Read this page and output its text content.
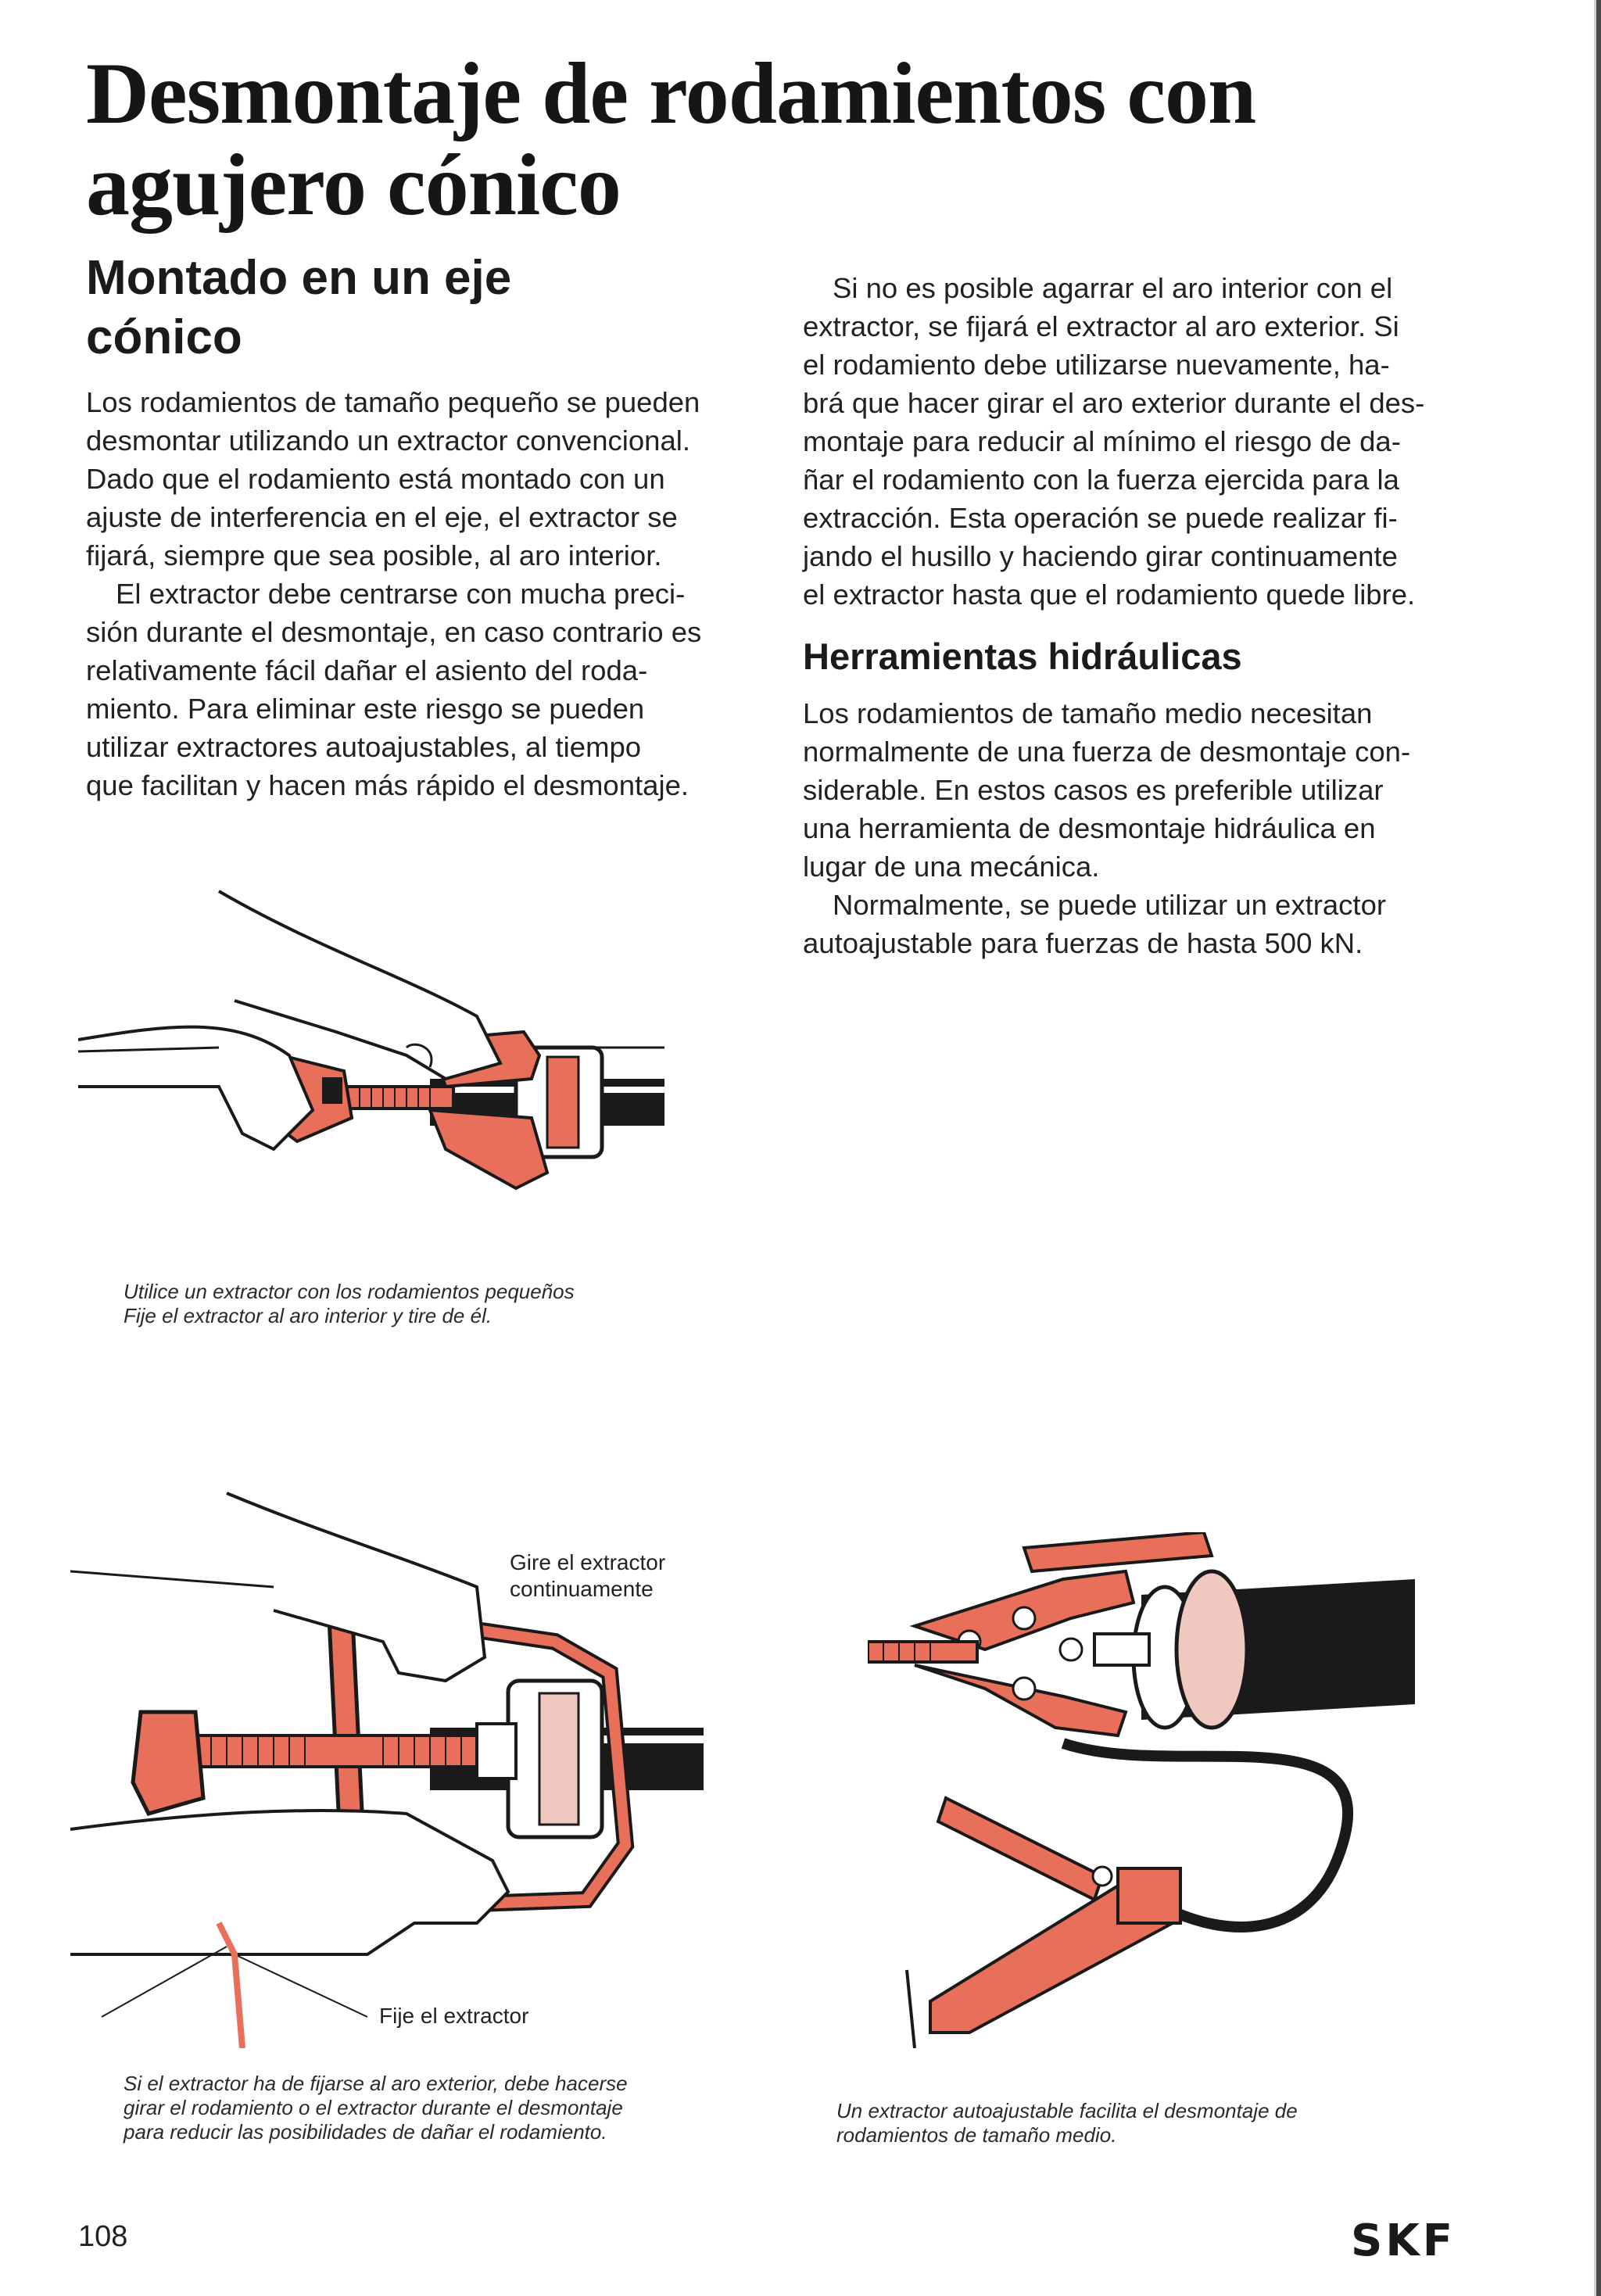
Desmontaje de rodamientos con
agujero cónico
Montado en un eje
cónico

Los rodamientos de tamaño pequeño se pueden
desmontar utilizando un extractor convencional.
Dado que el rodamiento está montado con un
ajuste de interferencia en el eje, el extractor se
fijará, siempre que sea posible, al aro interior.

El extractor debe centrarse con mucha preci-
sión durante el desmontaje, en caso contrario es
relativamente fácil dañar el asiento del roda-
miento. Para eliminar este riesgo se pueden
utilizar extractores autoajustables, al tiempo
que facilitan y hacen más rápido el desmontaje.

Si no es posible agarrar el aro interior con el
extractor, se fijará el extractor al aro exterior. Si
el rodamiento debe utilizarse nuevamente, ha-
brá que hacer girar el aro exterior durante el des-
montaje para reducir al mínimo el riesgo de da-
ñar el rodamiento con la fuerza ejercida para la
extracción. Esta operación se puede realizar fi-
jando el husillo y haciendo girar continuamente
el extractor hasta que el rodamiento quede libre.

Herramientas hidráulicas

Los rodamientos de tamaño medio necesitan
normalmente de una fuerza de desmontaje con-
siderable. En estos casos es preferible utilizar
una herramienta de desmontaje hidráulica en
lugar de una mecánica.

Normalmente, se puede utilizar un extractor
autoajustable para fuerzas de hasta 500 kN.

Utilice un extractor con los rodamientos pequeños
Fije el extractor al aro interior y tire de él.
Gire el extractor
continuamente
Fije el extractor
Si el extractor ha de fijarse al aro exterior, debe hacerse
girar el rodamiento o el extractor durante el desmontaje
para reducir las posibilidades de dañar el rodamiento.
Un extractor autoajustable facilita el desmontaje de
rodamientos de tamaño medio.
108	SKF
